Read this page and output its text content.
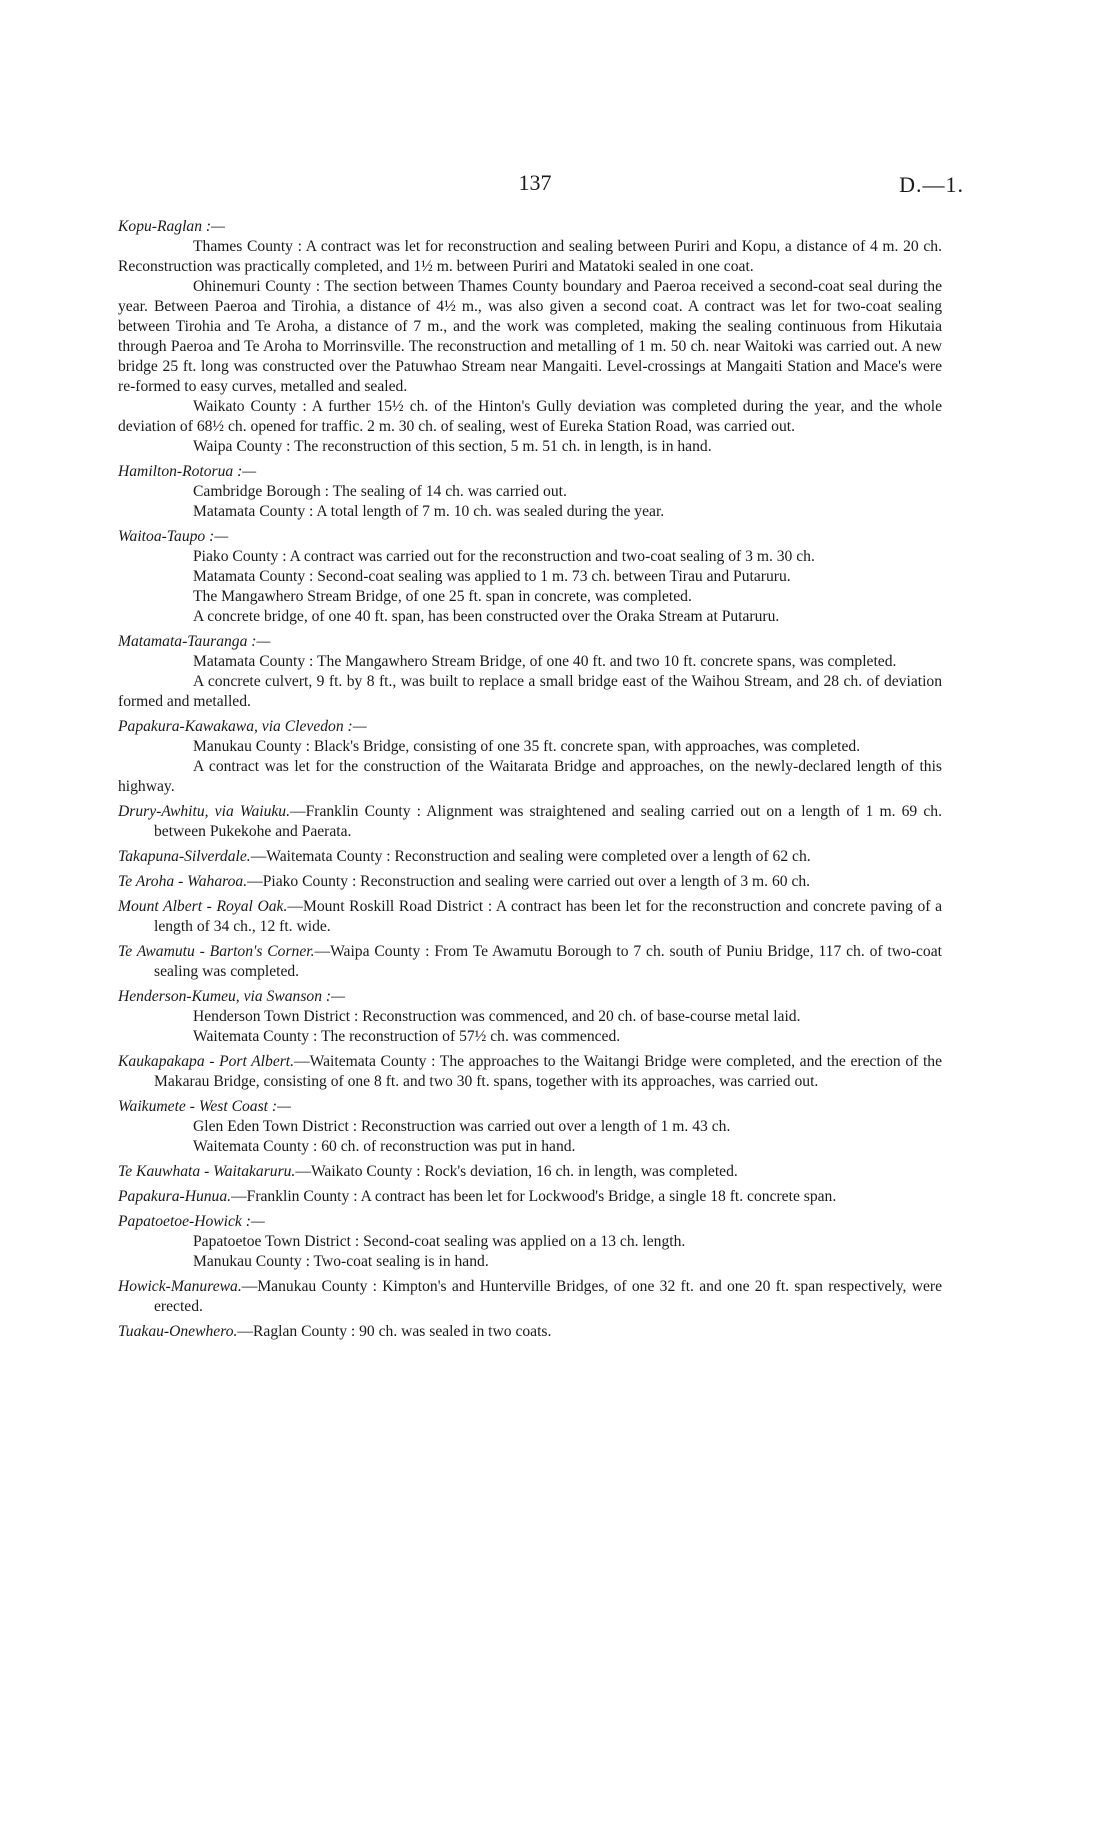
137	D.—1.
Kopu-Raglan :—
Thames County : A contract was let for reconstruction and sealing between Puriri and Kopu, a distance of 4 m. 20 ch. Reconstruction was practically completed, and 1½ m. between Puriri and Matatoki sealed in one coat.
Ohinemuri County : The section between Thames County boundary and Paeroa received a second-coat seal during the year. Between Paeroa and Tirohia, a distance of 4½ m., was also given a second coat. A contract was let for two-coat sealing between Tirohia and Te Aroha, a distance of 7 m., and the work was completed, making the sealing continuous from Hikutaia through Paeroa and Te Aroha to Morrinsville. The reconstruction and metalling of 1 m. 50 ch. near Waitoki was carried out. A new bridge 25 ft. long was constructed over the Patuwhao Stream near Mangaiti. Level-crossings at Mangaiti Station and Mace's were re-formed to easy curves, metalled and sealed.
Waikato County : A further 15½ ch. of the Hinton's Gully deviation was completed during the year, and the whole deviation of 68½ ch. opened for traffic. 2 m. 30 ch. of sealing, west of Eureka Station Road, was carried out.
Waipa County : The reconstruction of this section, 5 m. 51 ch. in length, is in hand.
Hamilton-Rotorua :—
Cambridge Borough : The sealing of 14 ch. was carried out.
Matamata County : A total length of 7 m. 10 ch. was sealed during the year.
Waitoa-Taupo :—
Piako County : A contract was carried out for the reconstruction and two-coat sealing of 3 m. 30 ch.
Matamata County : Second-coat sealing was applied to 1 m. 73 ch. between Tirau and Putaruru.
The Mangawhero Stream Bridge, of one 25 ft. span in concrete, was completed.
A concrete bridge, of one 40 ft. span, has been constructed over the Oraka Stream at Putaruru.
Matamata-Tauranga :—
Matamata County : The Mangawhero Stream Bridge, of one 40 ft. and two 10 ft. concrete spans, was completed.
A concrete culvert, 9 ft. by 8 ft., was built to replace a small bridge east of the Waihou Stream, and 28 ch. of deviation formed and metalled.
Papakura-Kawakawa, via Clevedon :—
Manukau County : Black's Bridge, consisting of one 35 ft. concrete span, with approaches, was completed.
A contract was let for the construction of the Waitarata Bridge and approaches, on the newly-declared length of this highway.
Drury-Awhitu, via Waiuku.—Franklin County : Alignment was straightened and sealing carried out on a length of 1 m. 69 ch. between Pukekohe and Paerata.
Takapuna-Silverdale.—Waitemata County : Reconstruction and sealing were completed over a length of 62 ch.
Te Aroha - Waharoa.—Piako County : Reconstruction and sealing were carried out over a length of 3 m. 60 ch.
Mount Albert - Royal Oak.—Mount Roskill Road District : A contract has been let for the reconstruction and concrete paving of a length of 34 ch., 12 ft. wide.
Te Awamutu - Barton's Corner.—Waipa County : From Te Awamutu Borough to 7 ch. south of Puniu Bridge, 117 ch. of two-coat sealing was completed.
Henderson-Kumeu, via Swanson :—
Henderson Town District : Reconstruction was commenced, and 20 ch. of base-course metal laid.
Waitemata County : The reconstruction of 57½ ch. was commenced.
Kaukapakapa - Port Albert.—Waitemata County : The approaches to the Waitangi Bridge were completed, and the erection of the Makarau Bridge, consisting of one 8 ft. and two 30 ft. spans, together with its approaches, was carried out.
Waikumete - West Coast :—
Glen Eden Town District : Reconstruction was carried out over a length of 1 m. 43 ch.
Waitemata County : 60 ch. of reconstruction was put in hand.
Te Kauwhata - Waitakaruru.—Waikato County : Rock's deviation, 16 ch. in length, was completed.
Papakura-Hunua.—Franklin County : A contract has been let for Lockwood's Bridge, a single 18 ft. concrete span.
Papatoetoe-Howick :—
Papatoetoe Town District : Second-coat sealing was applied on a 13 ch. length.
Manukau County : Two-coat sealing is in hand.
Howick-Manurewa.—Manukau County : Kimpton's and Hunterville Bridges, of one 32 ft. and one 20 ft. span respectively, were erected.
Tuakau-Onewhero.—Raglan County : 90 ch. was sealed in two coats.
